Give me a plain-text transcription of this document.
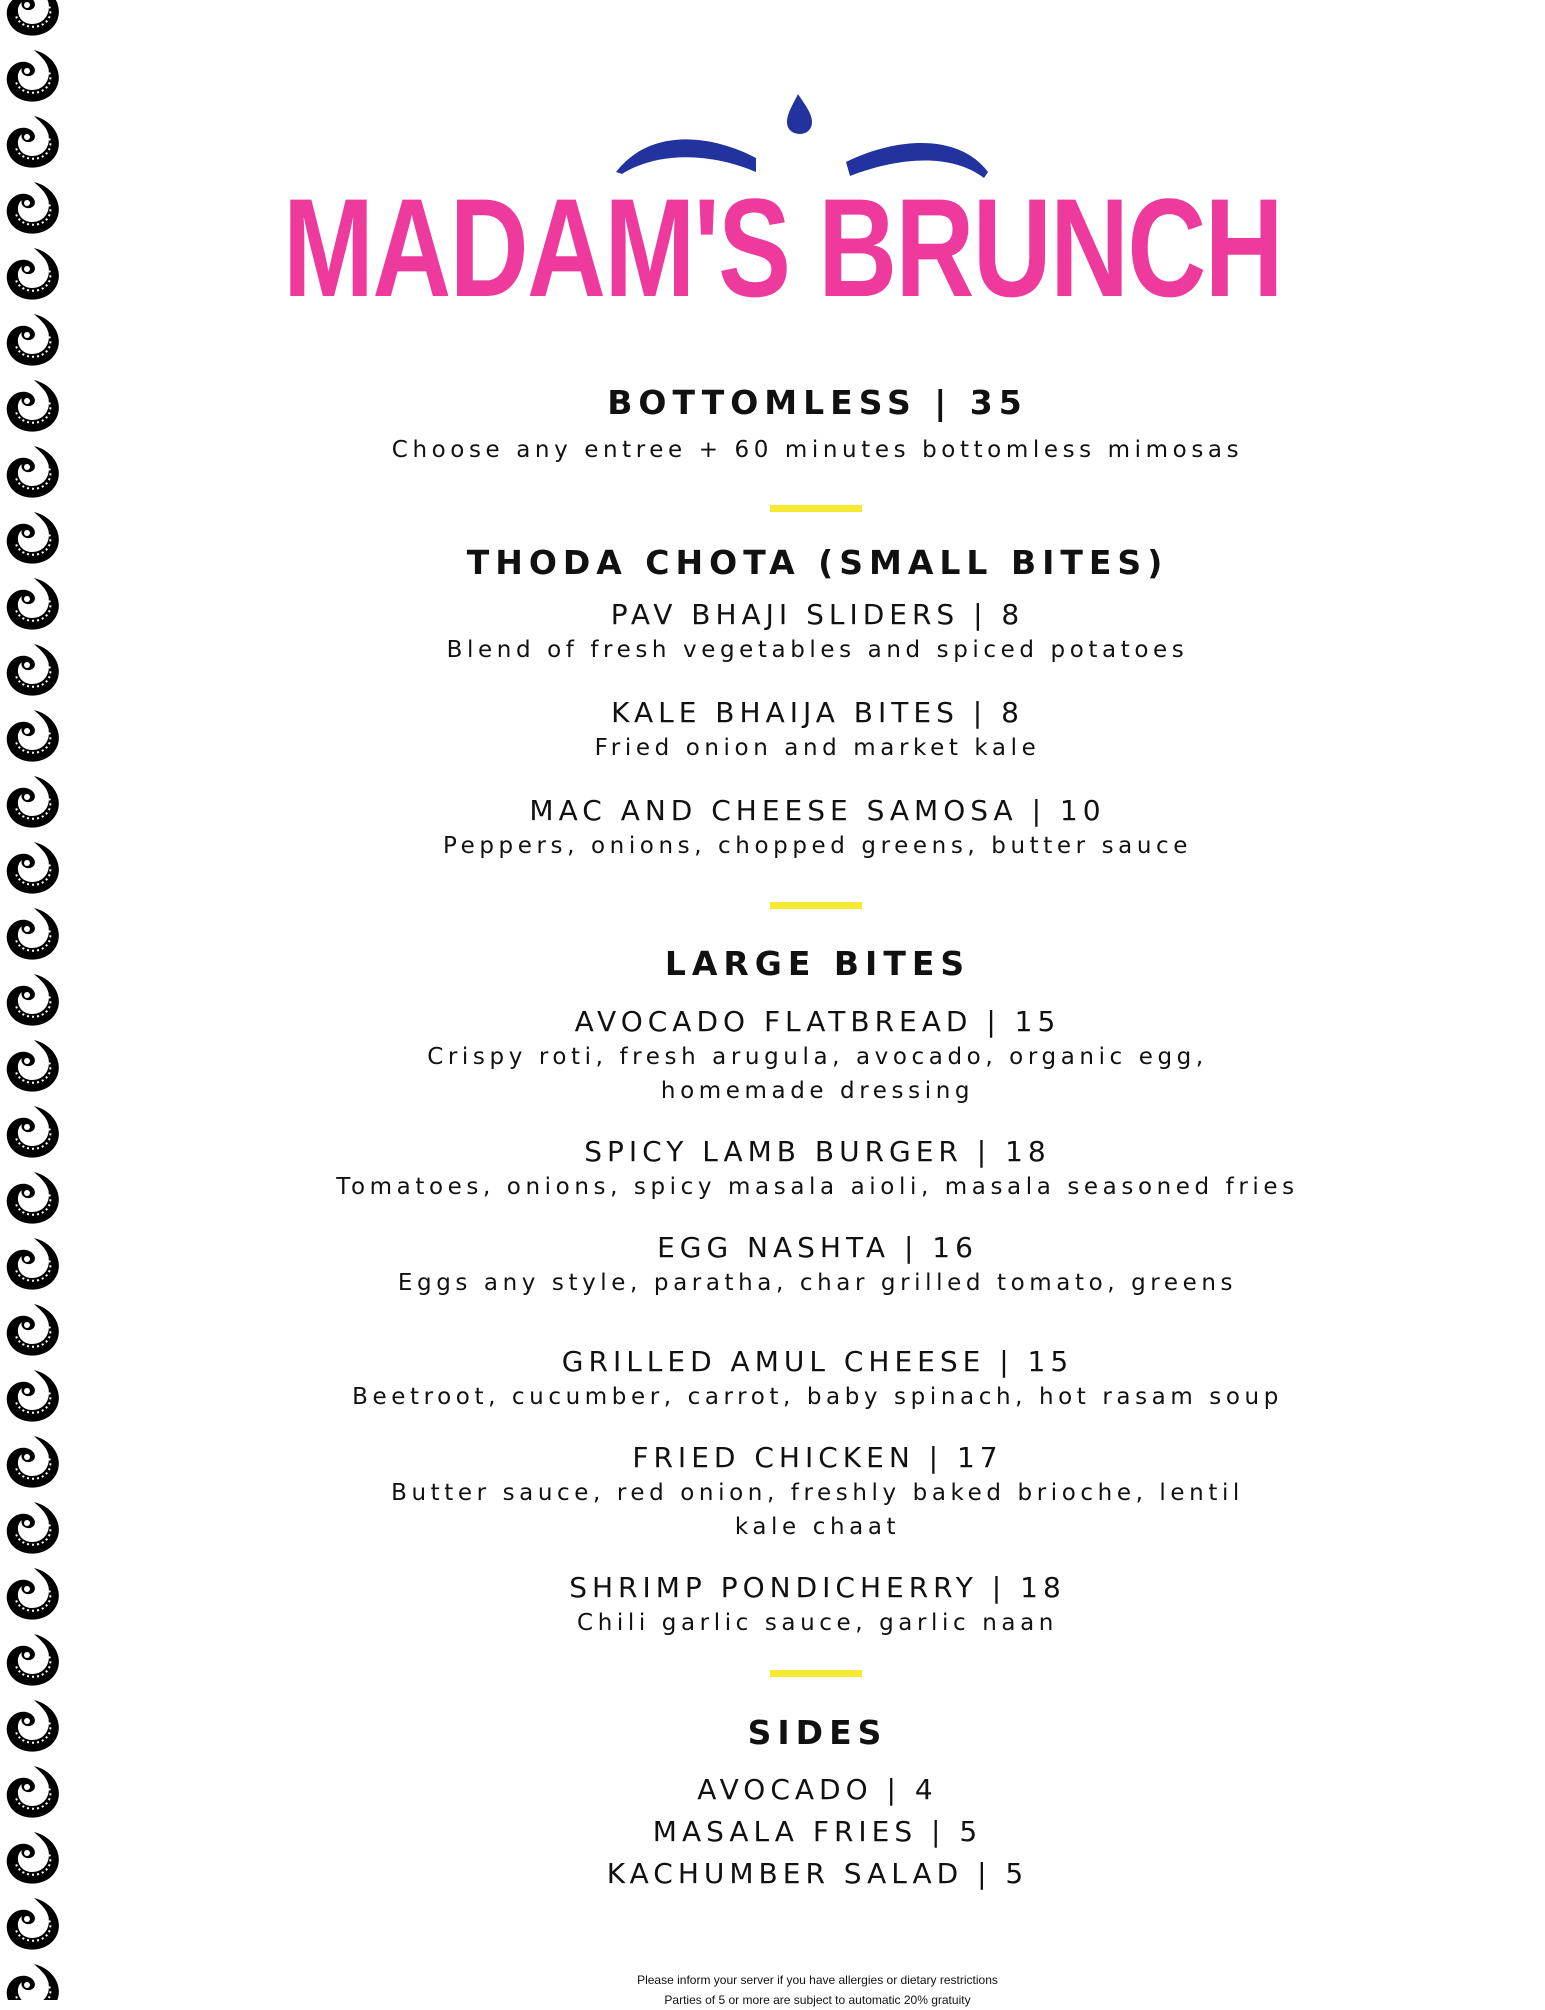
MADAM'S BRUNCH
BOTTOMLESS | 35

Choose any entree + 60 minutes bottomless mimosas

THODA CHOTA (SMALL BITES)

PAV BHAJI SLIDERS | 8

Blend of fresh vegetables and spiced potatoes

KALE BHAIJA BITES | 8

Fried onion and market kale

MAC AND CHEESE SAMOSA | 10

Peppers, onions, chopped greens, butter sauce

LARGE BITES

AVOCADO FLATBREAD | 15

Crispy roti, fresh arugula, avocado, organic egg, homemade dressing

SPICY LAMB BURGER | 18

Tomatoes, onions, spicy masala aioli, masala seasoned fries

EGG NASHTA | 16

Eggs any style, paratha, char grilled tomato, greens

GRILLED AMUL CHEESE | 15

Beetroot, cucumber, carrot, baby spinach, hot rasam soup

FRIED CHICKEN | 17

Butter sauce, red onion, freshly baked brioche, lentil kale chaat

SHRIMP PONDICHERRY | 18

Chili garlic sauce, garlic naan

SIDES

AVOCADO | 4

MASALA FRIES | 5

KACHUMBER SALAD | 5

Please inform your server if you have allergies or dietary restrictions
Parties of 5 or more are subject to automatic 20% gratuity
